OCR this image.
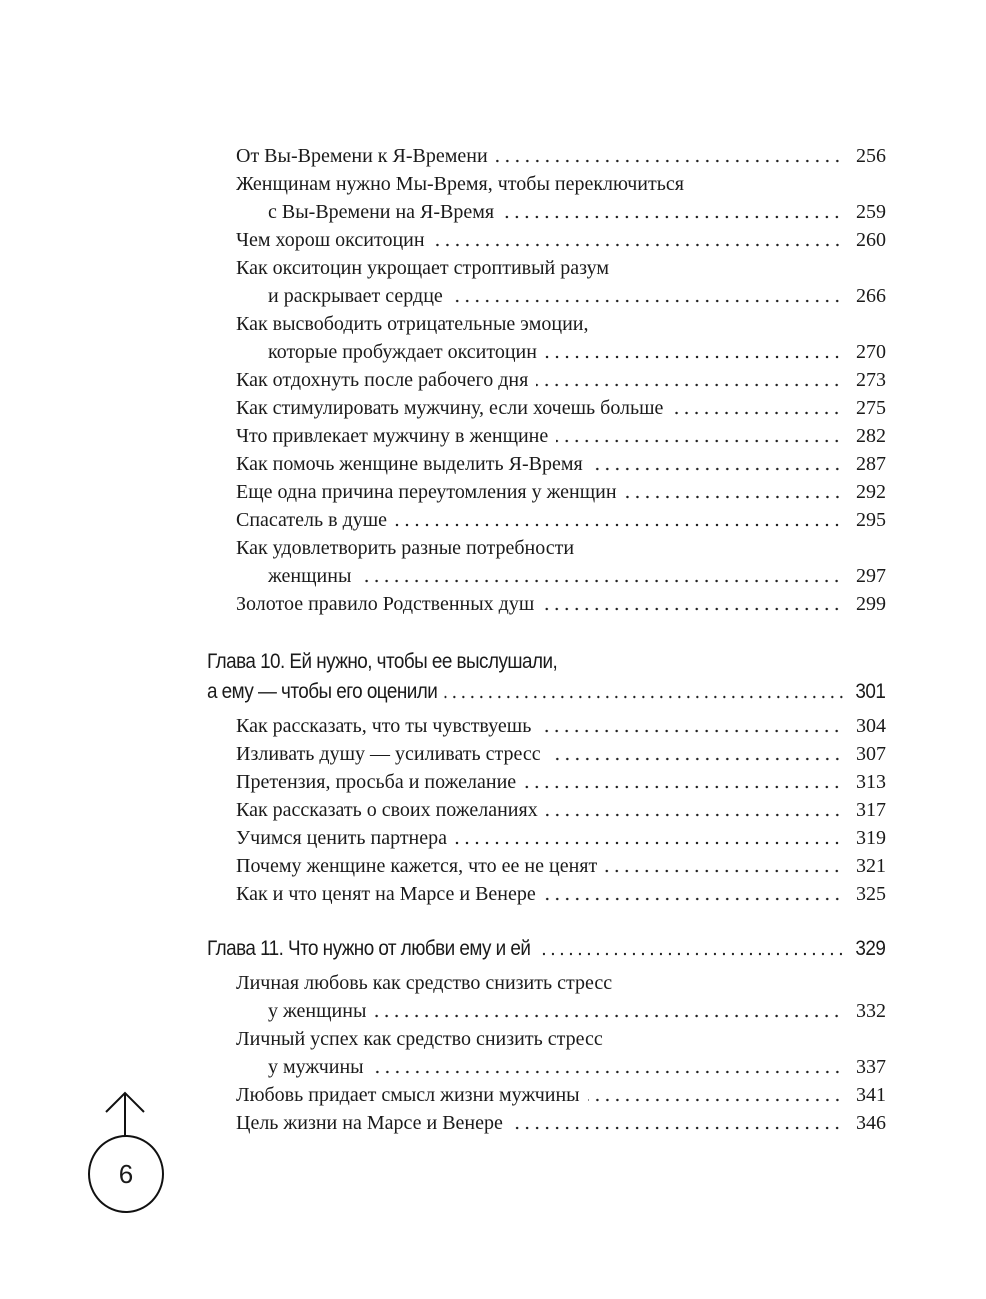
От Вы-Времени к Я-Времени	256
Женщинам нужно Мы-Время, чтобы переключиться
с Вы-Времени на Я-Время	259
Чем хорош окситоцин	260
Как окситоцин укрощает строптивый разум
и раскрывает сердце	266
Как высвободить отрицательные эмоции,
которые пробуждает окситоцин	270
Как отдохнуть после рабочего дня	273
Как стимулировать мужчину, если хочешь больше	275
Что привлекает мужчину в женщине	282
Как помочь женщине выделить Я-Время	287
Еще одна причина переутомления у женщин	292
Спасатель в душе	295
Как удовлетворить разные потребности
женщины	297
Золотое правило Родственных душ	299
Глава 10. Ей нужно, чтобы ее выслушали,
а ему — чтобы его оценили	301
Как рассказать, что ты чувствуешь	304
Изливать душу — усиливать стресс	307
Претензия, просьба и пожелание	313
Как рассказать о своих пожеланиях	317
Учимся ценить партнера	319
Почему женщине кажется, что ее не ценят	321
Как и что ценят на Марсе и Венере	325
Глава 11. Что нужно от любви ему и ей	329
Личная любовь как средство снизить стресс
у женщины	332
Личный успех как средство снизить стресс
у мужчины	337
Любовь придает смысл жизни мужчины	341
Цель жизни на Марсе и Венере	346
6
